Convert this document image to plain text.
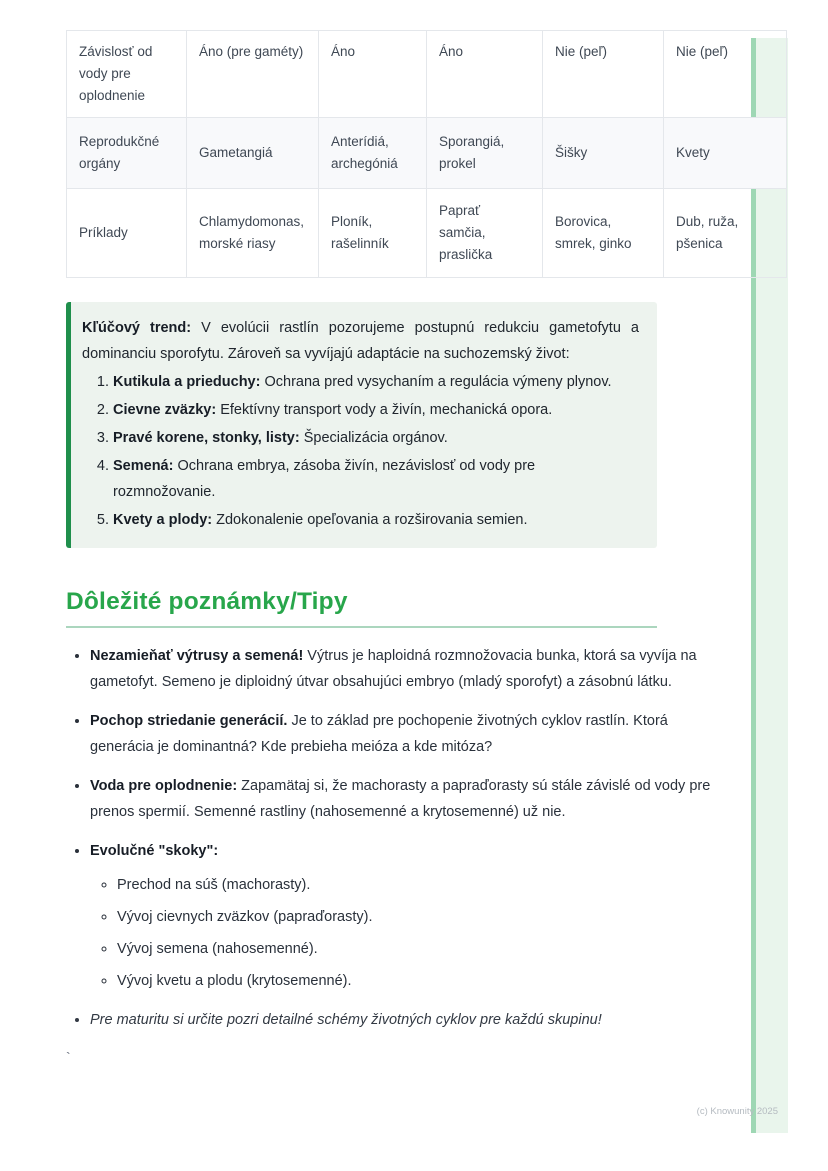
Závislosť od vody pre oplodnenie	Áno (pre gaméty)	Áno	Áno	Nie (peľ)	Nie (peľ)
Reprodukčné orgány	Gametangiá	Anterídiá, archegóniá	Sporangiá, prokel	Šišky	Kvety
Príklady	Chlamydomonas, morské riasy	Ploník, rašelinník	Paprať samčia, praslička	Borovica, smrek, ginko	Dub, ruža, pšenica

Kľúčový trend: V evolúcii rastlín pozorujeme postupnú redukciu gametofytu a dominanciu sporofytu. Zároveň sa vyvíjajú adaptácie na suchozemský život:

1. Kutikula a prieduchy: Ochrana pred vysychaním a regulácia výmeny plynov.
2. Cievne zväzky: Efektívny transport vody a živín, mechanická opora.
3. Pravé korene, stonky, listy: Špecializácia orgánov.
4. Semená: Ochrana embrya, zásoba živín, nezávislosť od vody pre rozmnožovanie.
5. Kvety a plody: Zdokonalenie opeľovania a rozširovania semien.
Dôležité poznámky/Tipy
• Nezamieňať výtrusy a semená! Výtrus je haploidná rozmnožovacia bunka, ktorá sa vyvíja na gametofyt. Semeno je diploidný útvar obsahujúci embryo (mladý sporofyt) a zásobnú látku.
• Pochop striedanie generácií. Je to základ pre pochopenie životných cyklov rastlín. Ktorá generácia je dominantná? Kde prebieha meióza a kde mitóza?
• Voda pre oplodnenie: Zapamätaj si, že machorasty a papraďorasty sú stále závislé od vody pre prenos spermií. Semenné rastliny (nahosemenné a krytosemenné) už nie.
• Evolučné "skoky":
◦ Prechod na súš (machorasty).
◦ Vývoj cievnych zväzkov (papraďorasty).
◦ Vývoj semena (nahosemenné).
◦ Vývoj kvetu a plodu (krytosemenné).
• Pre maturitu si určite pozri detailné schémy životných cyklov pre každú skupinu!
`
(c) Knowunity 2025
